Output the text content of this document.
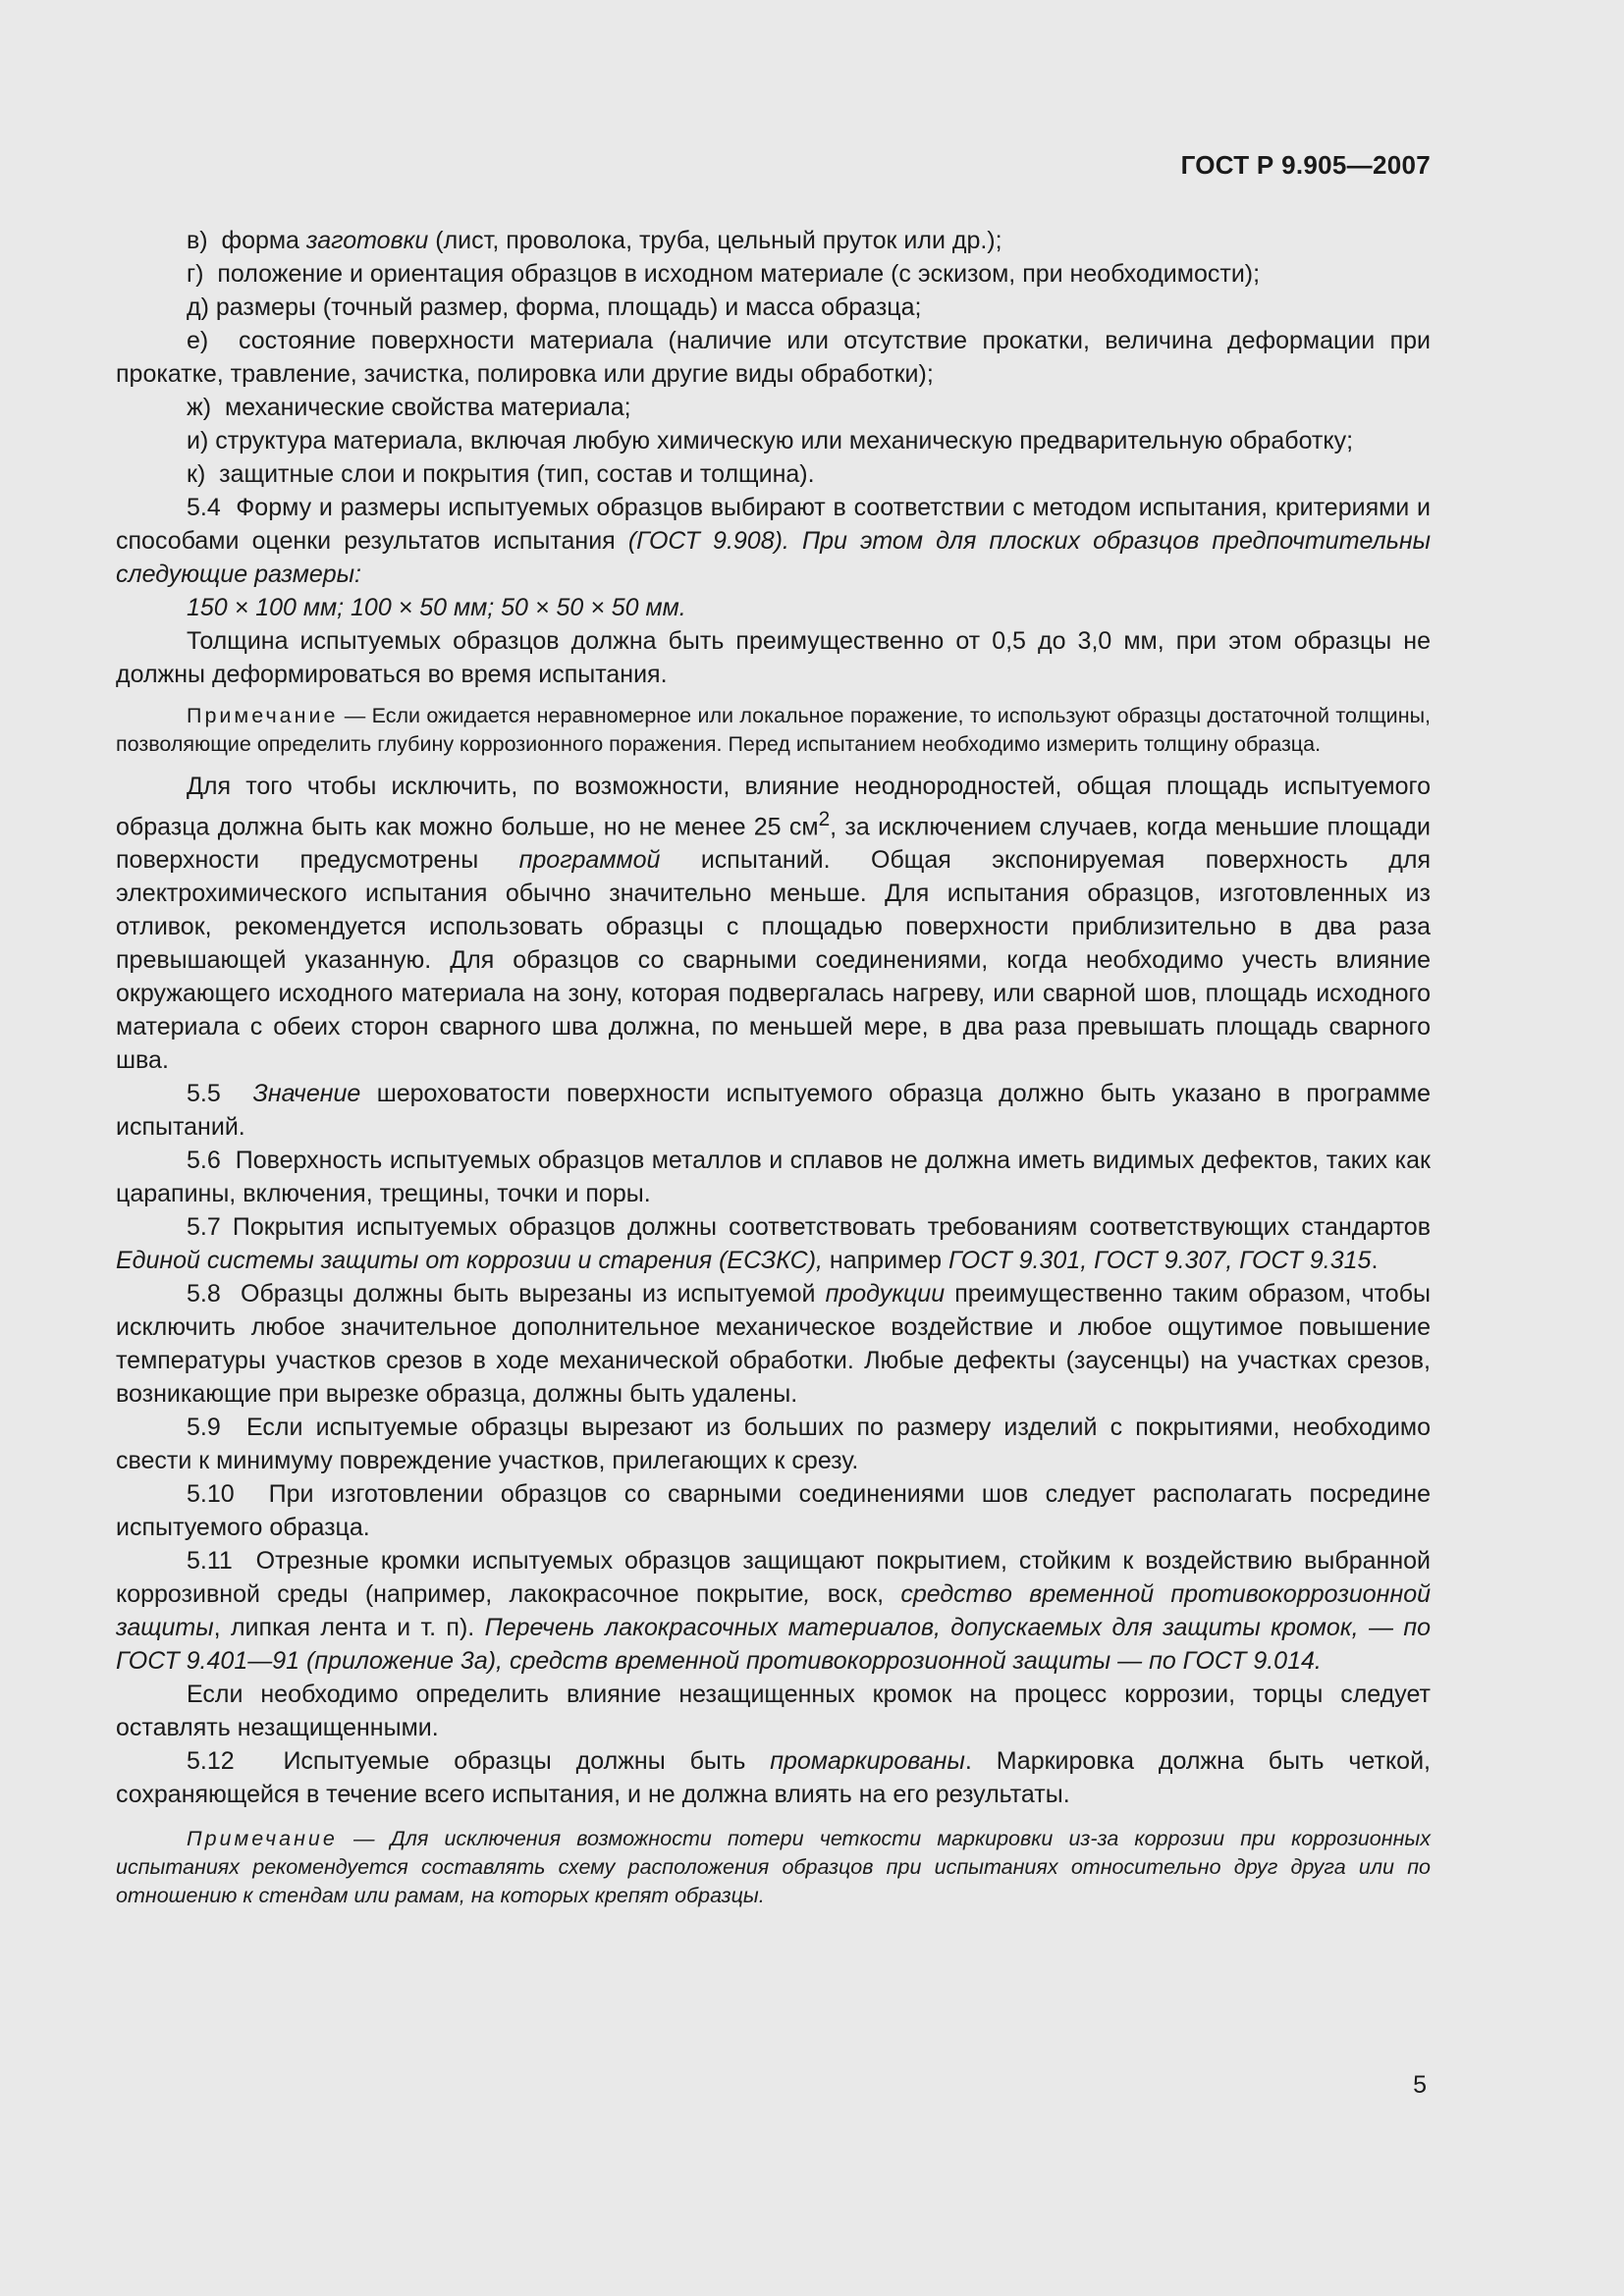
ГОСТ Р 9.905—2007

в)  форма заготовки (лист, проволока, труба, цельный пруток или др.);

г)  положение и ориентация образцов в исходном материале (с эскизом, при необходимости);

д) размеры (точный размер, форма, площадь) и масса образца;

е)  состояние поверхности материала (наличие или отсутствие прокатки, величина деформации при прокатке, травление, зачистка, полировка или другие виды обработки);

ж)  механические свойства материала;

и) структура материала, включая любую химическую или механическую предварительную обработку;

к)  защитные слои и покрытия (тип, состав и толщина).

5.4  Форму и размеры испытуемых образцов выбирают в соответствии с методом испытания, критериями и способами оценки результатов испытания (ГОСТ 9.908). При этом для плоских образцов предпочтительны следующие размеры:

150 × 100 мм; 100 × 50 мм; 50 × 50 × 50 мм.

Толщина испытуемых образцов должна быть преимущественно от 0,5 до 3,0 мм, при этом образцы не должны деформироваться во время испытания.

Примечание — Если ожидается неравномерное или локальное поражение, то используют образцы достаточной толщины, позволяющие определить глубину коррозионного поражения. Перед испытанием необходимо измерить толщину образца.

Для того чтобы исключить, по возможности, влияние неоднородностей, общая площадь испытуемого образца должна быть как можно больше, но не менее 25 $см^2$, за исключением случаев, когда меньшие площади поверхности предусмотрены программой испытаний. Общая экспонируемая поверхность для электрохимического испытания обычно значительно меньше. Для испытания образцов, изготовленных из отливок, рекомендуется использовать образцы с площадью поверхности приблизительно в два раза превышающей указанную. Для образцов со сварными соединениями, когда необходимо учесть влияние окружающего исходного материала на зону, которая подвергалась нагреву, или сварной шов, площадь исходного материала с обеих сторон сварного шва должна, по меньшей мере, в два раза превышать площадь сварного шва.

5.5  Значение шероховатости поверхности испытуемого образца должно быть указано в программе испытаний.

5.6  Поверхность испытуемых образцов металлов и сплавов не должна иметь видимых дефектов, таких как царапины, включения, трещины, точки и поры.

5.7 Покрытия испытуемых образцов должны соответствовать требованиям соответствующих стандартов Единой системы защиты от коррозии и старения (ЕСЗКС), например ГОСТ 9.301, ГОСТ 9.307, ГОСТ 9.315.

5.8  Образцы должны быть вырезаны из испытуемой продукции преимущественно таким образом, чтобы исключить любое значительное дополнительное механическое воздействие и любое ощутимое повышение температуры участков срезов в ходе механической обработки. Любые дефекты (заусенцы) на участках срезов, возникающие при вырезке образца, должны быть удалены.

5.9  Если испытуемые образцы вырезают из больших по размеру изделий с покрытиями, необходимо свести к минимуму повреждение участков, прилегающих к срезу.

5.10  При изготовлении образцов со сварными соединениями шов следует располагать посредине испытуемого образца.

5.11  Отрезные кромки испытуемых образцов защищают покрытием, стойким к воздействию выбранной коррозивной среды (например, лакокрасочное покрытие, воск, средство временной противокоррозионной защиты, липкая лента и т. п). Перечень лакокрасочных материалов, допускаемых для защиты кромок, — по ГОСТ 9.401—91 (приложение 3а), средств временной противокоррозионной защиты — по ГОСТ 9.014.

Если необходимо определить влияние незащищенных кромок на процесс коррозии, торцы следует оставлять незащищенными.

5.12  Испытуемые образцы должны быть промаркированы. Маркировка должна быть четкой, сохраняющейся в течение всего испытания, и не должна влиять на его результаты.

Примечание — Для исключения возможности потери четкости маркировки из-за коррозии при коррозионных испытаниях рекомендуется составлять схему расположения образцов при испытаниях относительно друг друга или по отношению к стендам или рамам, на которых крепят образцы.

5
